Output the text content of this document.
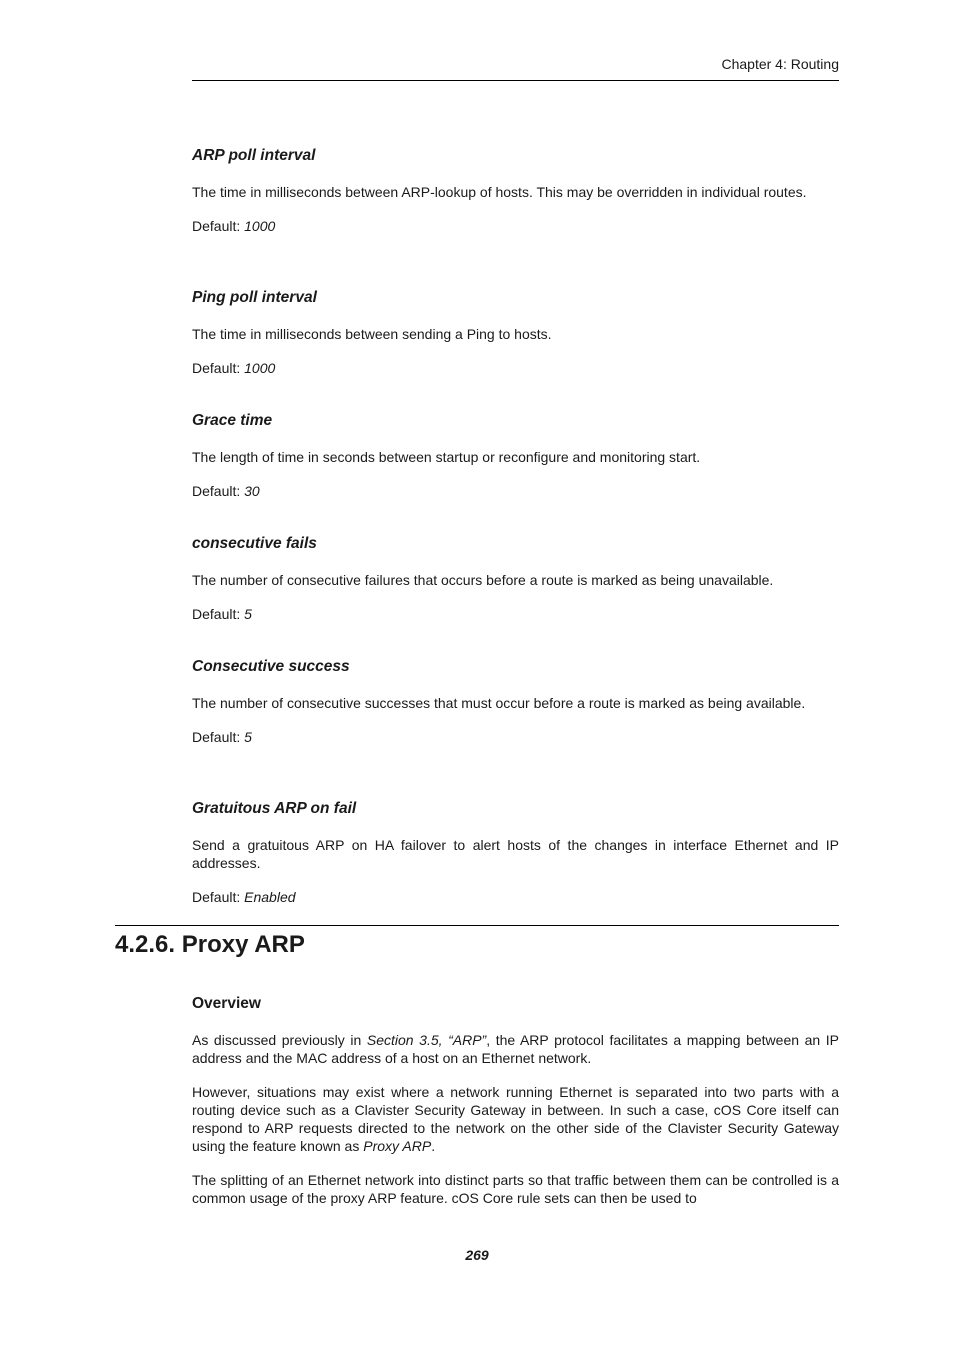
Chapter 4: Routing

ARP poll interval

The time in milliseconds between ARP-lookup of hosts. This may be overridden in individual routes.

Default: 1000

Ping poll interval

The time in milliseconds between sending a Ping to hosts.

Default: 1000

Grace time

The length of time in seconds between startup or reconfigure and monitoring start.

Default: 30

consecutive fails

The number of consecutive failures that occurs before a route is marked as being unavailable.

Default: 5

Consecutive success

The number of consecutive successes that must occur before a route is marked as being available.

Default: 5

Gratuitous ARP on fail

Send a gratuitous ARP on HA failover to alert hosts of the changes in interface Ethernet and IP addresses.

Default: Enabled

4.2.6. Proxy ARP

Overview

As discussed previously in Section 3.5, “ARP”, the ARP protocol facilitates a mapping between an IP address and the MAC address of a host on an Ethernet network.

However, situations may exist where a network running Ethernet is separated into two parts with a routing device such as a Clavister Security Gateway in between. In such a case, cOS Core itself can respond to ARP requests directed to the network on the other side of the Clavister Security Gateway using the feature known as Proxy ARP.

The splitting of an Ethernet network into distinct parts so that traffic between them can be controlled is a common usage of the proxy ARP feature. cOS Core rule sets can then be used to

269
